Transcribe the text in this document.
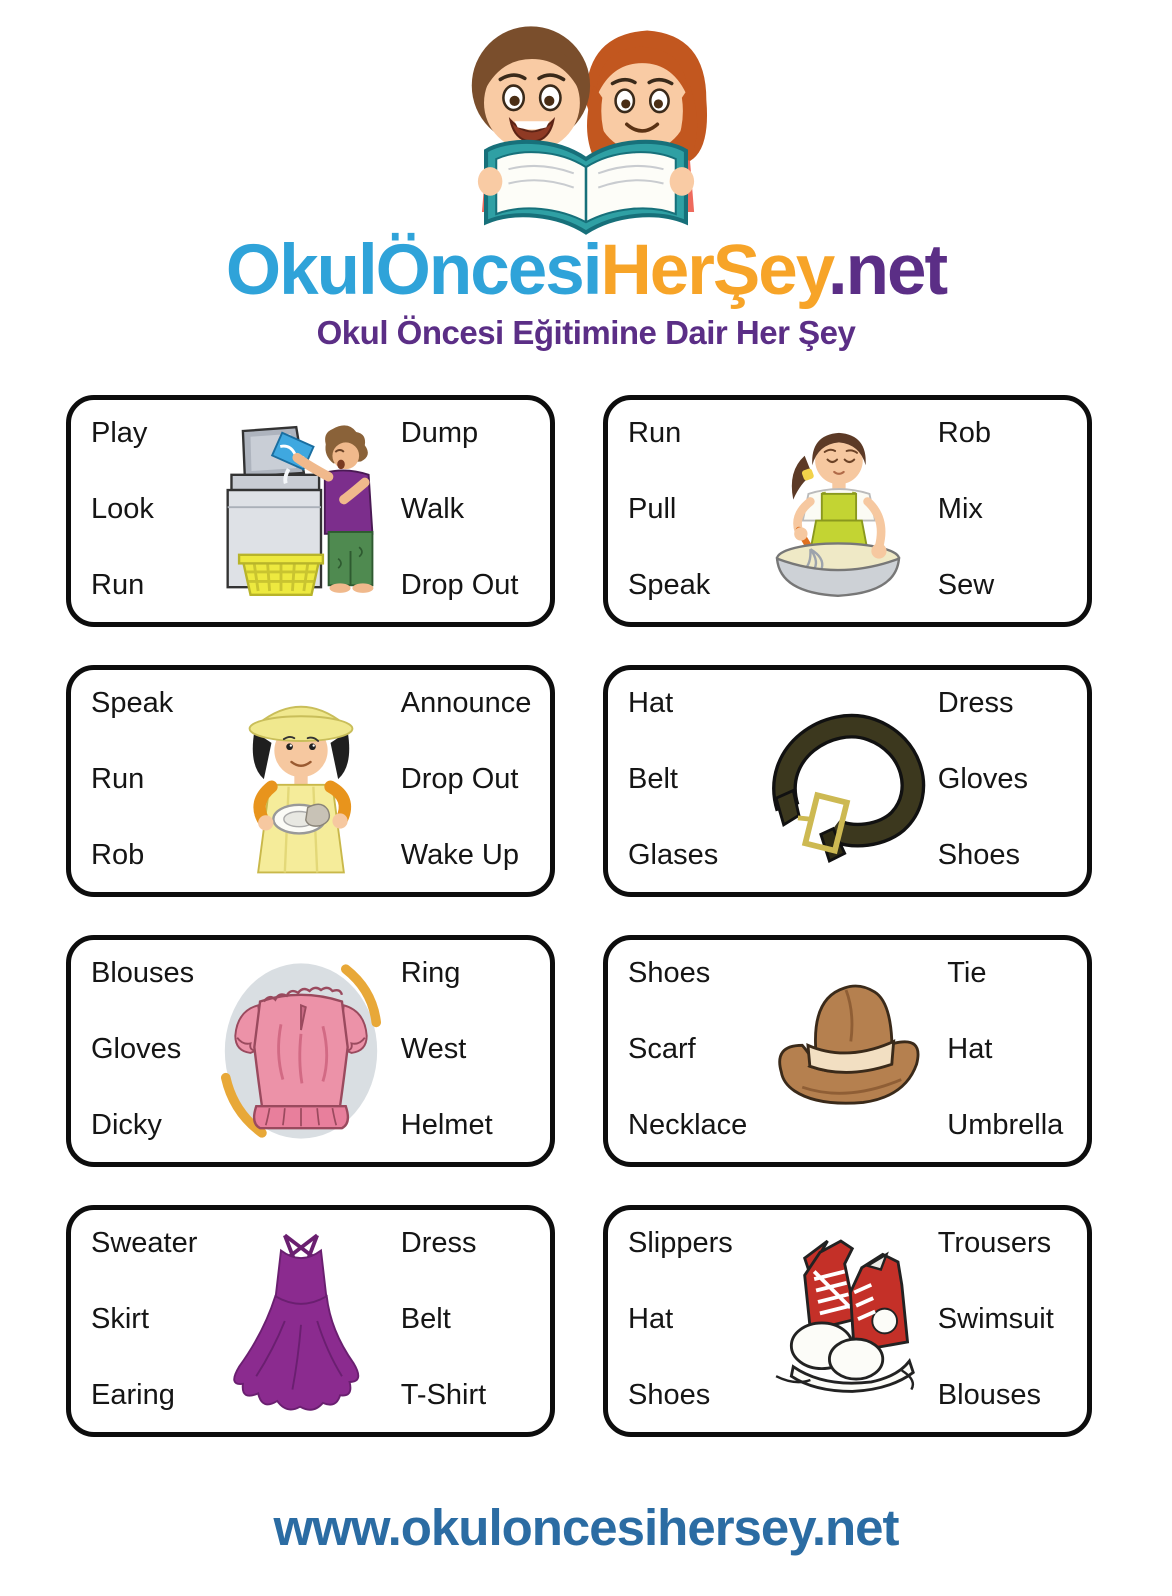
OkulÖncesiHerŞey.net
Okul Öncesi Eğitimine Dair Her Şey
Play
Look
Run
Dump
Walk
Drop Out
Run
Pull
Speak
Rob
Mix
Sew
Speak
Run
Rob
Announce
Drop Out
Wake Up
Hat
Belt
Glases
Dress
Gloves
Shoes
Blouses
Gloves
Dicky
Ring
West
Helmet
Shoes
Scarf
Necklace
Tie
Hat
Umbrella
Sweater
Skirt
Earing
Dress
Belt
T-Shirt
Slippers
Hat
Shoes
Trousers
Swimsuit
Blouses
www.okuloncesihersey.net
